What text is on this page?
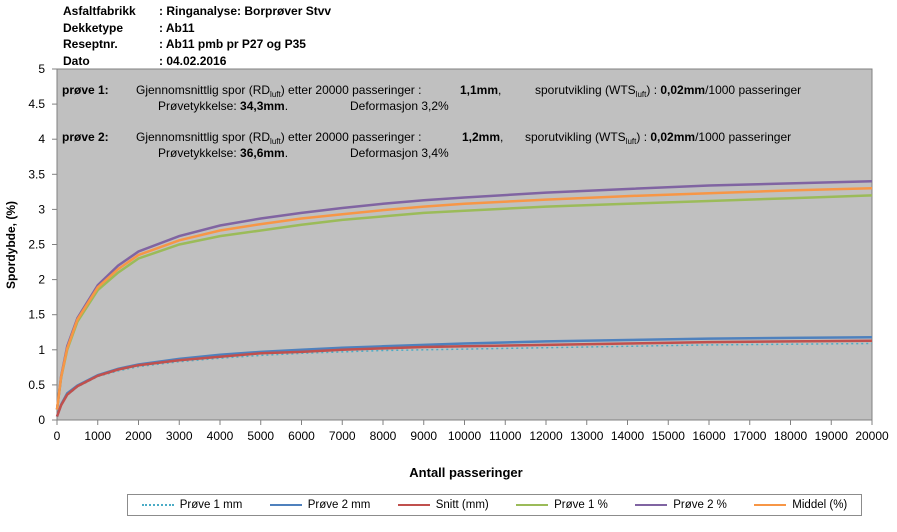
Asfaltfabrikk	: Ringanalyse: Borprøver Stvv
Dekketype	: Ab11
Reseptnr.	: Ab11 pmb pr P27 og P35
Dato	: 04.02.2016
0 1000 2000 3000 4000 5000 6000 7000 8000 9000 10000 11000 12000 13000 14000 15000 16000 17000 18000 19000 20000
0
0.5
1
1.5
2
2.5
3
3.5
4
4.5
5
prøve 1: Gjennomsnittlig spor $(RD_{luft})$ etter 20000 passeringer :	1,1mm,	sporutvikling $(WTS_{luft})$ : 0,02mm/1000 passeringer
Prøvetykkelse: 34,3mm.	Deformasjon 3,2%
prøve 2: Gjennomsnittlig spor $(RD_{luft})$ etter 20000 passeringer :	1,2mm, sporutvikling $(WTS_{luft})$ : 0,02mm/1000 passeringer
Prøvetykkelse: 36,6mm.	Deformasjon 3,4%
Antall passeringer
Spordybde, (%)
Prøve 1 mm	Prøve 2 mm	Snitt (mm)	Prøve 1 %	Prøve 2 %	Middel (%)
